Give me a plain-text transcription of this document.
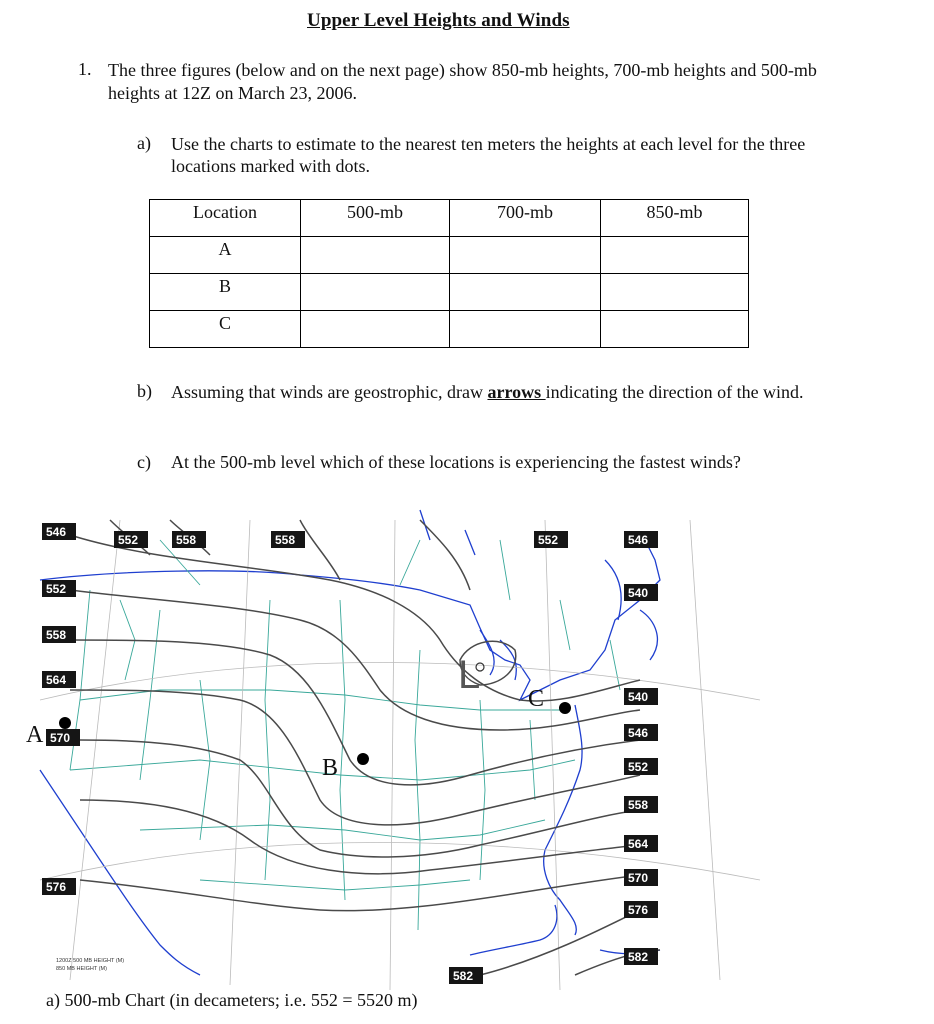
Upper Level Heights and Winds
1. The three figures (below and on the next page) show 850-mb heights, 700-mb heights and 500-mb heights at 12Z on March 23, 2006.
a) Use the charts to estimate to the nearest ten meters the heights at each level for the three locations marked with dots.
Location	500-mb	700-mb	850-mb
A			
B			
C			
b) Assuming that winds are geostrophic, draw arrows indicating the direction of the wind.
c) At the 500-mb level which of these locations is experiencing the fastest winds?
546
552	558	558	552	546
552
558
564
570
576
540
540
546
552
558
564
570
576
582
582
L
A
B
C
1200Z 500 MB HEIGHT (M)
850 MB HEIGHT (M)
a) 500-mb Chart (in decameters; i.e. 552 = 5520 m)
